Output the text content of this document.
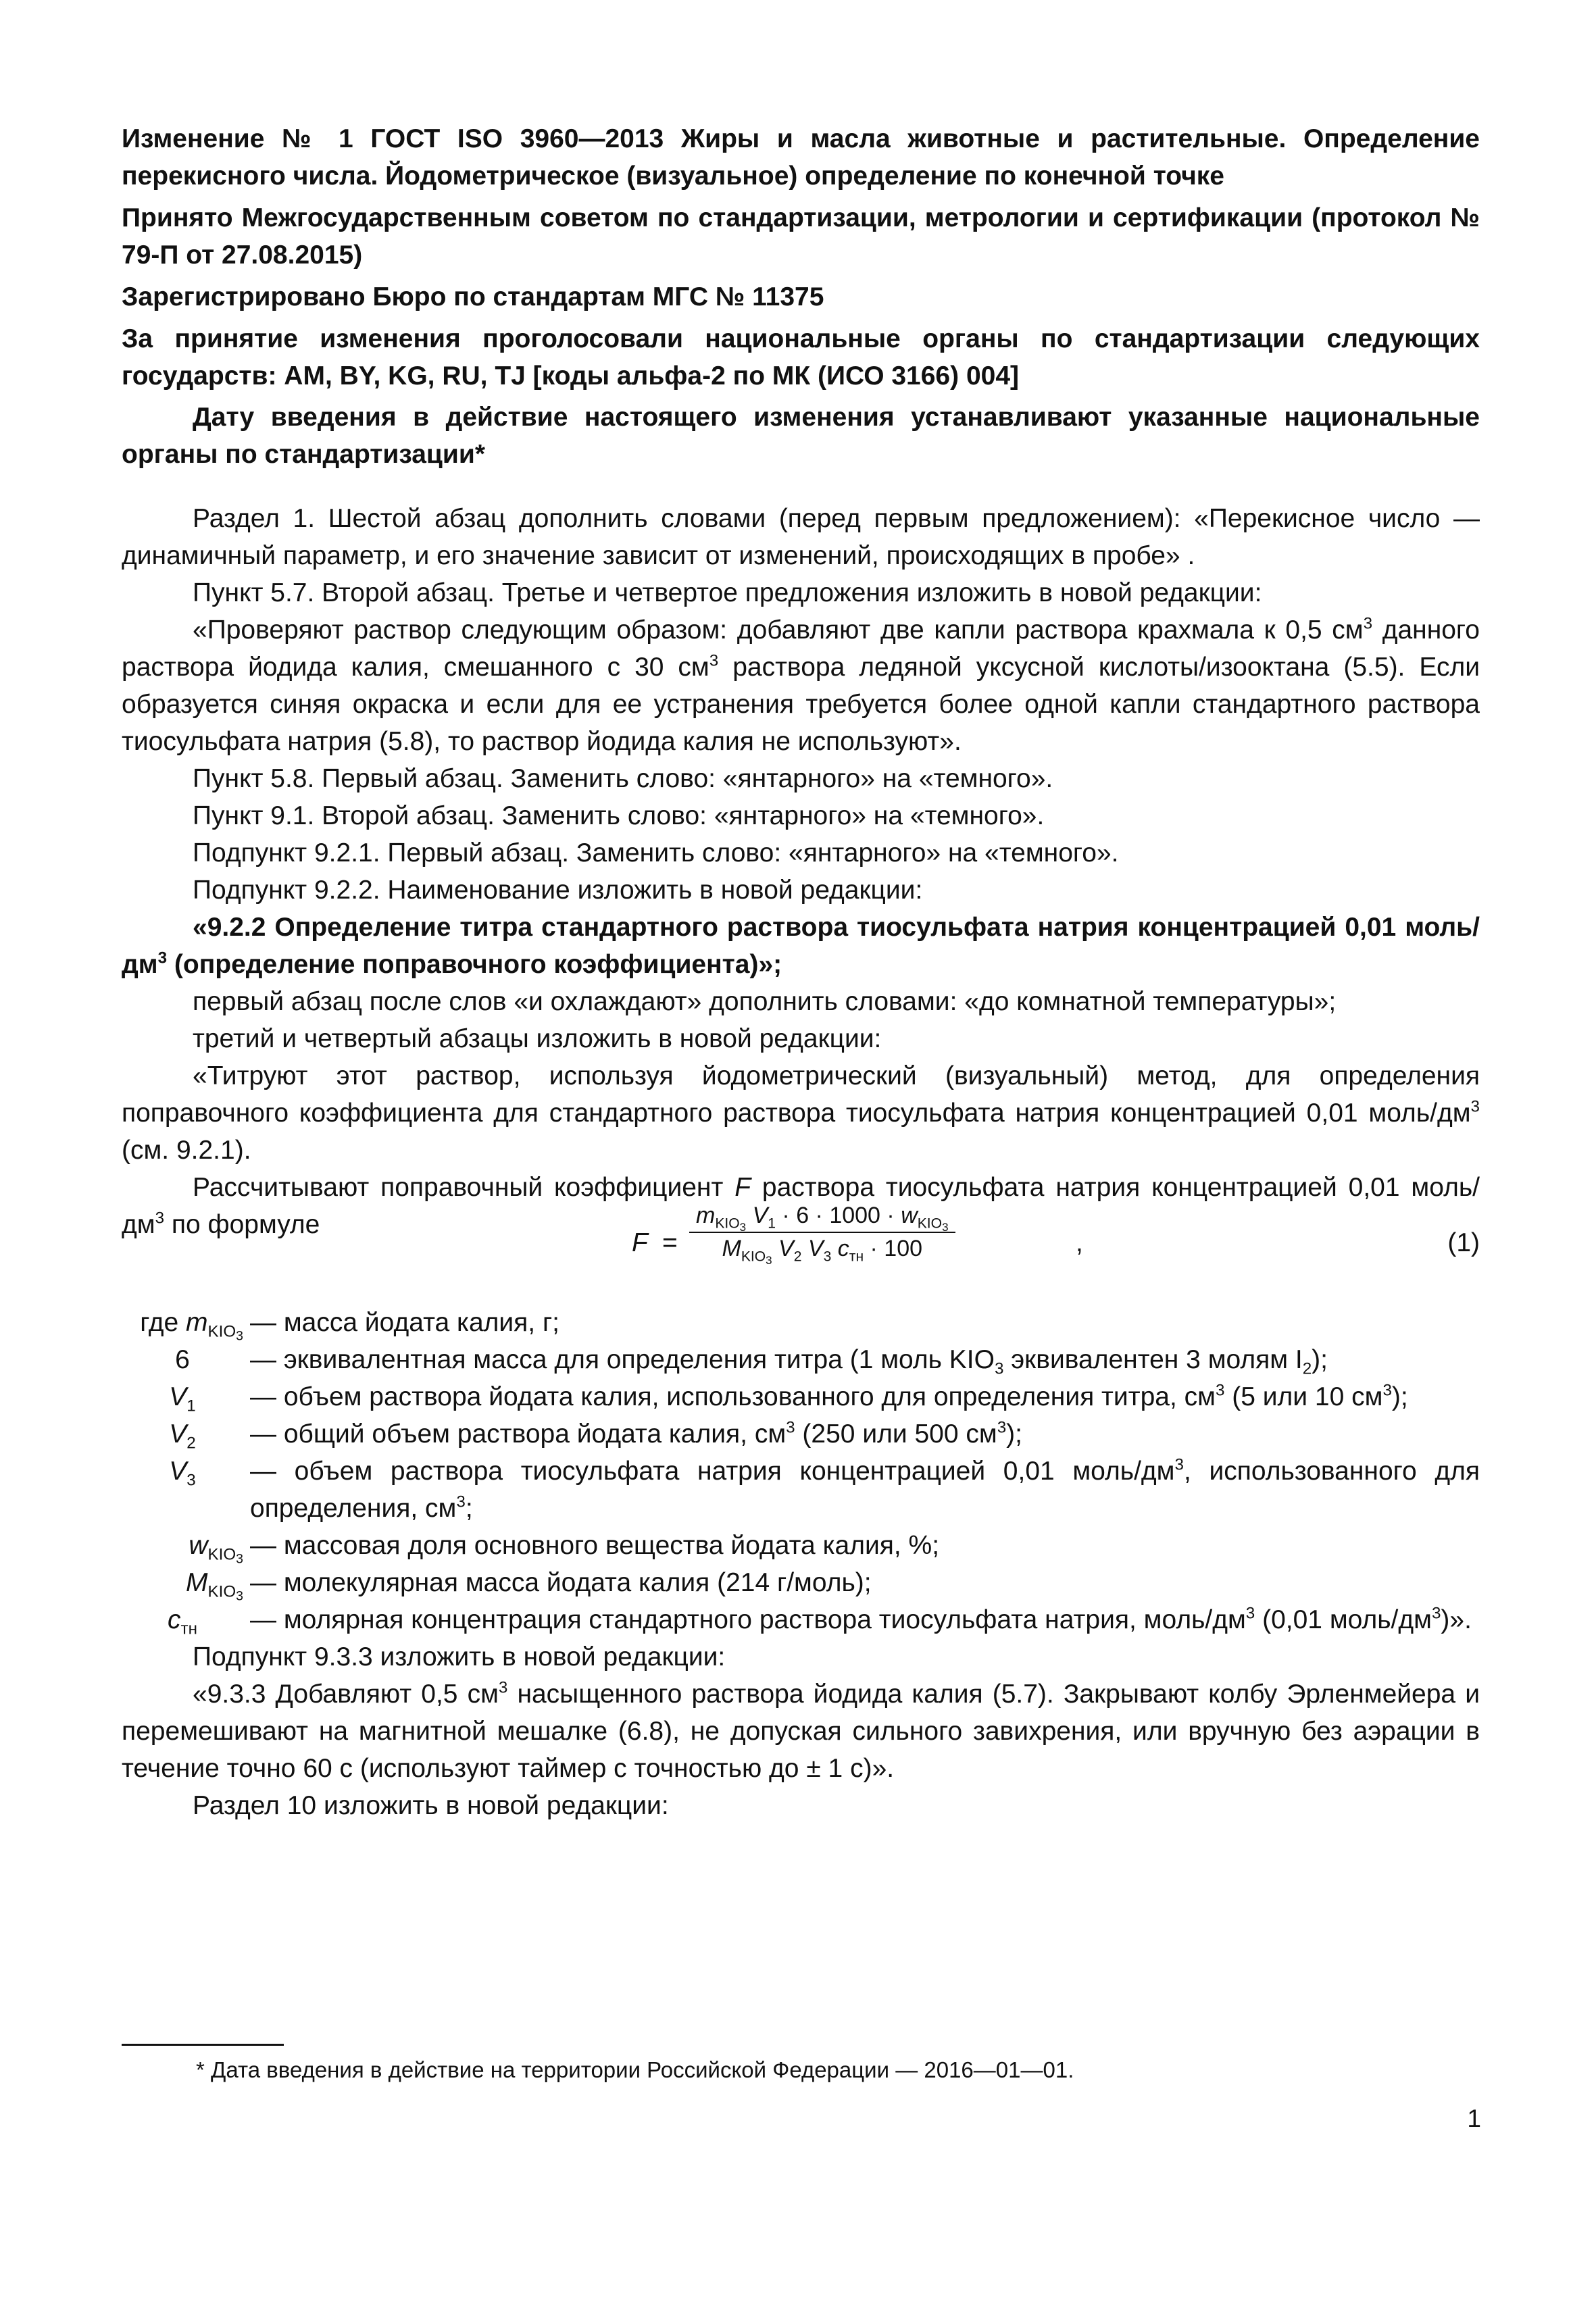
Изменение № 1 ГОСТ ISO 3960—2013 Жиры и масла животные и растительные. Определение перекисного числа. Йодометрическое (визуальное) определение по конечной точке

Принято Межгосударственным советом по стандартизации, метрологии и сертификации (протокол № 79-П от 27.08.2015)

Зарегистрировано Бюро по стандартам МГС № 11375

За принятие изменения проголосовали национальные органы по стандартизации следующих государств: AM, BY, KG, RU, TJ [коды альфа-2 по МК (ИСО 3166) 004]

Дату введения в действие настоящего изменения устанавливают указанные национальные органы по стандартизации*

Раздел 1. Шестой абзац дополнить словами (перед первым предложением): «Перекисное число — динамичный параметр, и его значение зависит от изменений, происходящих в пробе» .

Пункт 5.7. Второй абзац. Третье и четвертое предложения изложить в новой редакции:

«Проверяют раствор следующим образом: добавляют две капли раствора крахмала к 0,5 $см^3$ данного раствора йодида калия, смешанного с 30 $см^3$ раствора ледяной уксусной кислоты/изооктана (5.5). Если образуется синяя окраска и если для ее устранения требуется более одной капли стандартного раствора тиосульфата натрия (5.8), то раствор йодида калия не используют».

Пункт 5.8. Первый абзац. Заменить слово: «янтарного» на «темного».

Пункт 9.1. Второй абзац. Заменить слово: «янтарного» на «темного».

Подпункт 9.2.1. Первый абзац. Заменить слово: «янтарного» на «темного».

Подпункт 9.2.2. Наименование изложить в новой редакции:

«9.2.2 Определение титра стандартного раствора тиосульфата натрия концентрацией 0,01 моль/$дм^3$ (определение поправочного коэффициента)»;

первый абзац после слов «и охлаждают» дополнить словами: «до комнатной температуры»;

третий и четвертый абзацы изложить в новой редакции:

«Титруют этот раствор, используя йодометрический (визуальный) метод, для определения поправочного коэффициента для стандартного раствора тиосульфата натрия концентрацией 0,01 моль/$дм^3$ (см. 9.2.1).

Рассчитывают поправочный коэффициент F раствора тиосульфата натрия концентрацией 0,01 моль/$дм^3$ по формуле

F =
$m_{KIO3}$ $V_1 \cdot 6 \cdot 1000 \cdot w_{KIO3}$
$M_{KIO3}$ $V_2$ $V_3$ $c_{тн} \cdot 100$	,	(1)
где $m_{KIO3}$ — масса йодата калия, г;
6	— эквивалентная масса для определения титра (1 моль $KIO_3$ эквивалентен 3 молям $I_2$);
$V_1$	— объем раствора йодата калия, использованного для определения титра, $см^3$ (5 или 10 $см^3$);
$V_2$	— общий объем раствора йодата калия, $см^3$ (250 или 500 $см^3$);
$V_3$	— объем раствора тиосульфата натрия концентрацией 0,01 моль/$дм^3$, использованного для определения, $см^3$;
$w_{KIO3}$ — массовая доля основного вещества йодата калия, %;
$M_{KIO3}$ — молекулярная масса йодата калия (214 г/моль);
$c_{тн}$	— молярная концентрация стандартного раствора тиосульфата натрия, моль/$дм^3$ (0,01 моль/$дм^3$)».

Подпункт 9.3.3 изложить в новой редакции:

«9.3.3 Добавляют 0,5 $см^3$ насыщенного раствора йодида калия (5.7). Закрывают колбу Эрленмейера и перемешивают на магнитной мешалке (6.8), не допуская сильного завихрения, или вручную без аэрации в течение точно 60 с (используют таймер с точностью до ± 1 с)».

Раздел 10 изложить в новой редакции:

* Дата введения в действие на территории Российской Федерации — 2016—01—01.
1
